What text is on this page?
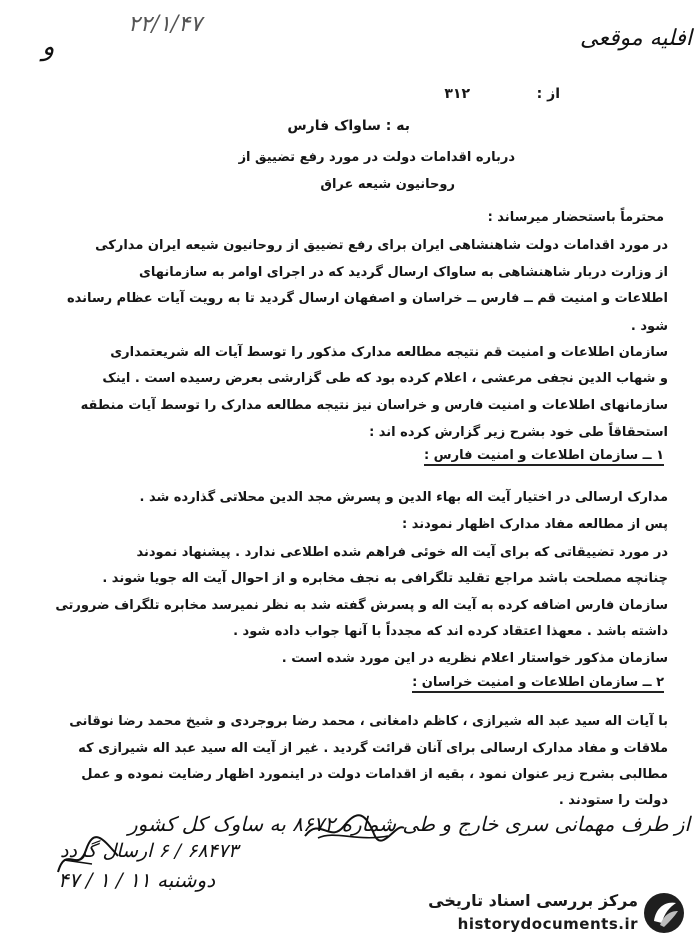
۲۲/۱/۴۷
افلیه موقعی
ﻭ
از :
۳۱۲
به : ساواک فارس
درباره اقدامات دولت در مورد رفع تضییق از
روحانیون شیعه عراق
محترماً باستحضار میرساند :
در مورد اقدامات دولت شاهنشاهی ایران برای رفع تضییق از روحانیون شیعه ایران مدارکی
از وزارت دربار شاهنشاهی به ساواک ارسال گردید که در اجرای اوامر به سازمانهای
اطلاعات و امنیت قم ــ فارس ــ خراسان و اصفهان ارسال گردید تا به رویت آیات عظام رسانده
شود .
سازمان اطلاعات و امنیت قم نتیجه مطالعه مدارک مذکور را توسط آیات اله شریعتمداری
و شهاب الدین نجفی مرعشی ، اعلام کرده بود که طی گزارشی بعرض رسیده است . اینک
سازمانهای اطلاعات و امنیت فارس و خراسان نیز نتیجه مطالعه مدارک را توسط آیات منطقه
استحقاقاً طی خود بشرح زیر گزارش کرده اند :
۱ ــ سازمان اطلاعات و امنیت فارس :
مدارک ارسالی در اختیار آیت اله بهاء الدین و پسرش مجد الدین محلاتی گذارده شد .
پس از مطالعه مفاد مدارک اظهار نمودند :
در مورد تضییقاتی که برای آیت اله خوئی فراهم شده اطلاعی ندارد . پیشنهاد نمودند
چنانچه مصلحت باشد مراجع تقلید تلگرافی به نجف مخابره و از احوال آیت اله جویا شوند .
سازمان فارس اضافه کرده به آیت اله و پسرش گفته شد به نظر نمیرسد مخابره تلگراف ضرورتی
داشته باشد . معهذا اعتقاد کرده اند که مجدداً با آنها جواب داده شود .
سازمان مذکور خواستار اعلام نظریه در این مورد شده است .
۲ ــ سازمان اطلاعات و امنیت خراسان :
با آیات اله سید عبد اله شیرازی ، کاظم دامغانی ، محمد رضا بروجردی و شیخ محمد رضا نوقانی
ملاقات و مفاد مدارک ارسالی برای آنان قرائت گردید . غیر از آیت اله سید عبد اله شیرازی که
مطالبی بشرح زیر عنوان نمود ، بقیه از اقدامات دولت در اینمورد اظهار رضایت نموده و عمل
دولت را ستودند .
از طرف مهمانی سری خارج و طی شماره ۸۶۷۲ به ساوک کل کشور
۶۸۴۷۳ / ۶ ارسال گردد
دوشنبه ۱۱ / ۱ / ۴۷
مرکز بررسی اسناد تاریخی
historydocuments.ir
